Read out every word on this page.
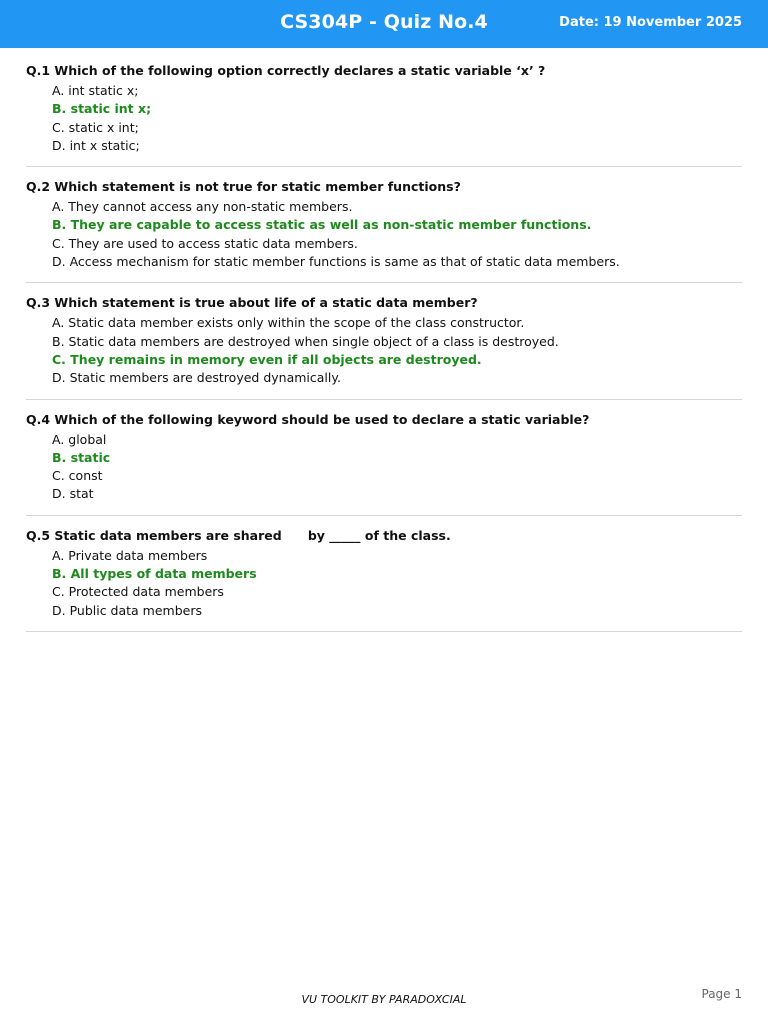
CS304P - Quiz No.4	Date: 19 November 2025
Q.1 Which of the following option correctly declares a static variable ‘x’ ?
A. int static x;
B. static int x;
C. static x int;
D. int x static;
Q.2 Which statement is not true for static member functions?
A. They cannot access any non-static members.
B. They are capable to access static as well as non-static member functions.
C. They are used to access static data members.
D. Access mechanism for static member functions is same as that of static data members.
Q.3 Which statement is true about life of a static data member?
A. Static data member exists only within the scope of the class constructor.
B. Static data members are destroyed when single object of a class is destroyed.
C. They remains in memory even if all objects are destroyed.
D. Static members are destroyed dynamically.
Q.4 Which of the following keyword should be used to declare a static variable?
A. global
B. static
C. const
D. stat
Q.5 Static data members are shared      by _____ of the class.
A. Private data members
B. All types of data members
C. Protected data members
D. Public data members
VU TOOLKIT BY PARADOXCIAL	Page 1
